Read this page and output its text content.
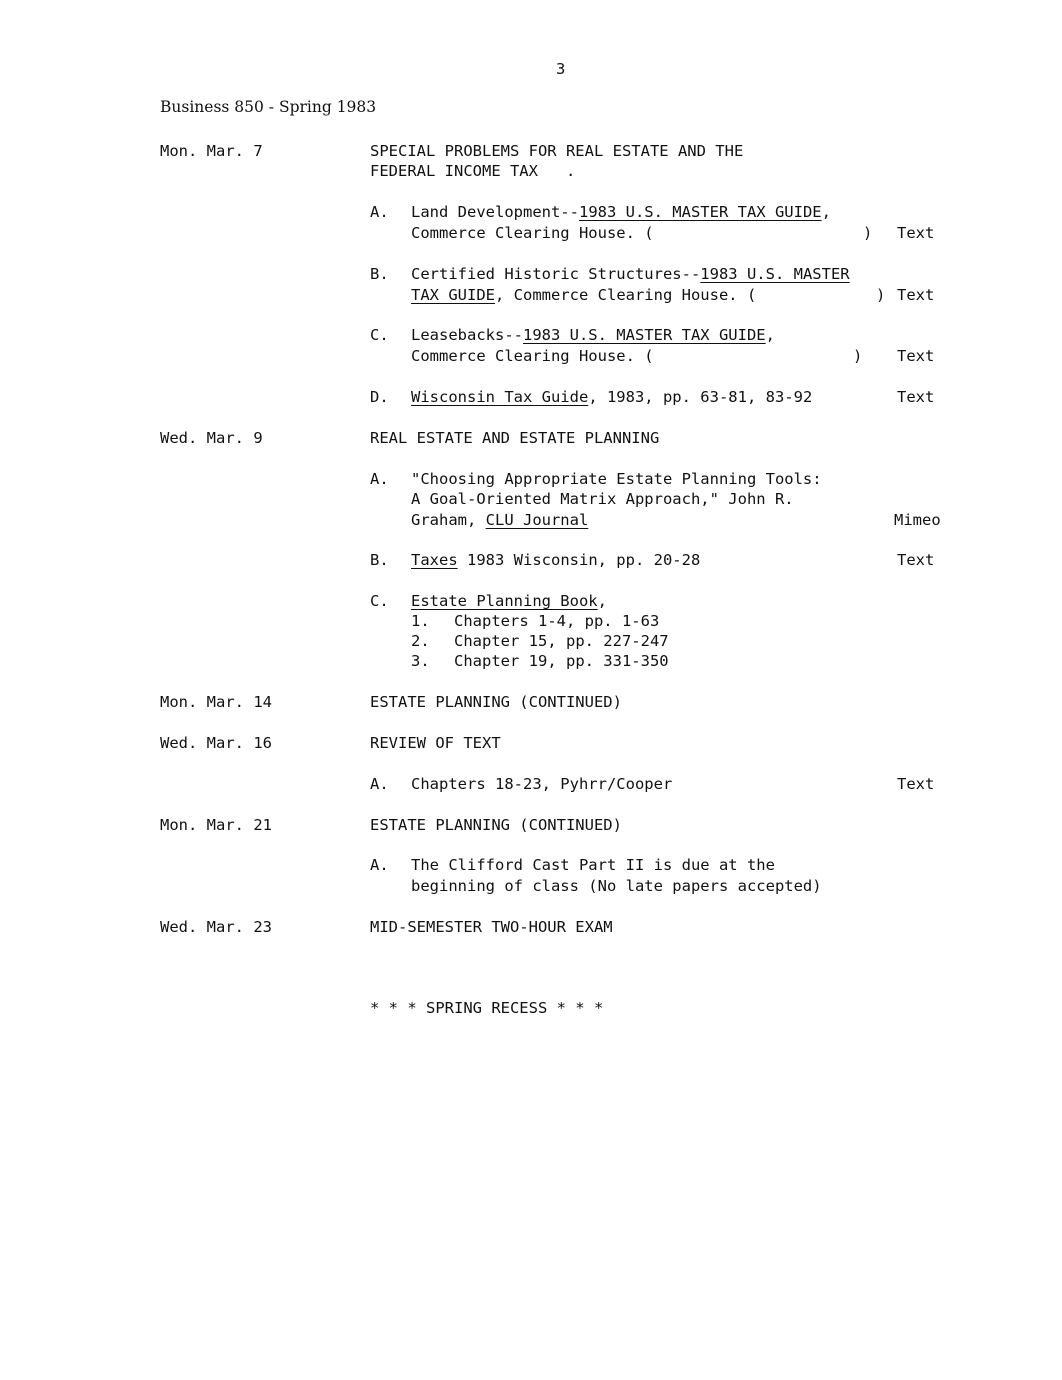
3
Business 850 - Spring 1983
Mon. Mar. 7	SPECIAL PROBLEMS FOR REAL ESTATE AND THE
FEDERAL INCOME TAX   .
A. Land Development--1983 U.S. MASTER TAX GUIDE,
Commerce Clearing House. (	) Text
B. Certified Historic Structures--1983 U.S. MASTER
TAX GUIDE, Commerce Clearing House. (	) Text
C. Leasebacks--1983 U.S. MASTER TAX GUIDE,
Commerce Clearing House. (	) Text
D. Wisconsin Tax Guide, 1983, pp. 63-81, 83-92	Text
Wed. Mar. 9	REAL ESTATE AND ESTATE PLANNING
A. "Choosing Appropriate Estate Planning Tools:
A Goal-Oriented Matrix Approach," John R.
Graham, CLU Journal	Mimeo
B. Taxes 1983 Wisconsin, pp. 20-28	Text
C. Estate Planning Book,
1. Chapters 1-4, pp. 1-63
2. Chapter 15, pp. 227-247
3. Chapter 19, pp. 331-350
Mon. Mar. 14	ESTATE PLANNING (CONTINUED)
Wed. Mar. 16	REVIEW OF TEXT
A. Chapters 18-23, Pyhrr/Cooper	Text
Mon. Mar. 21	ESTATE PLANNING (CONTINUED)
A. The Clifford Cast Part II is due at the
beginning of class (No late papers accepted)
Wed. Mar. 23	MID-SEMESTER TWO-HOUR EXAM
* * * SPRING RECESS * * *
